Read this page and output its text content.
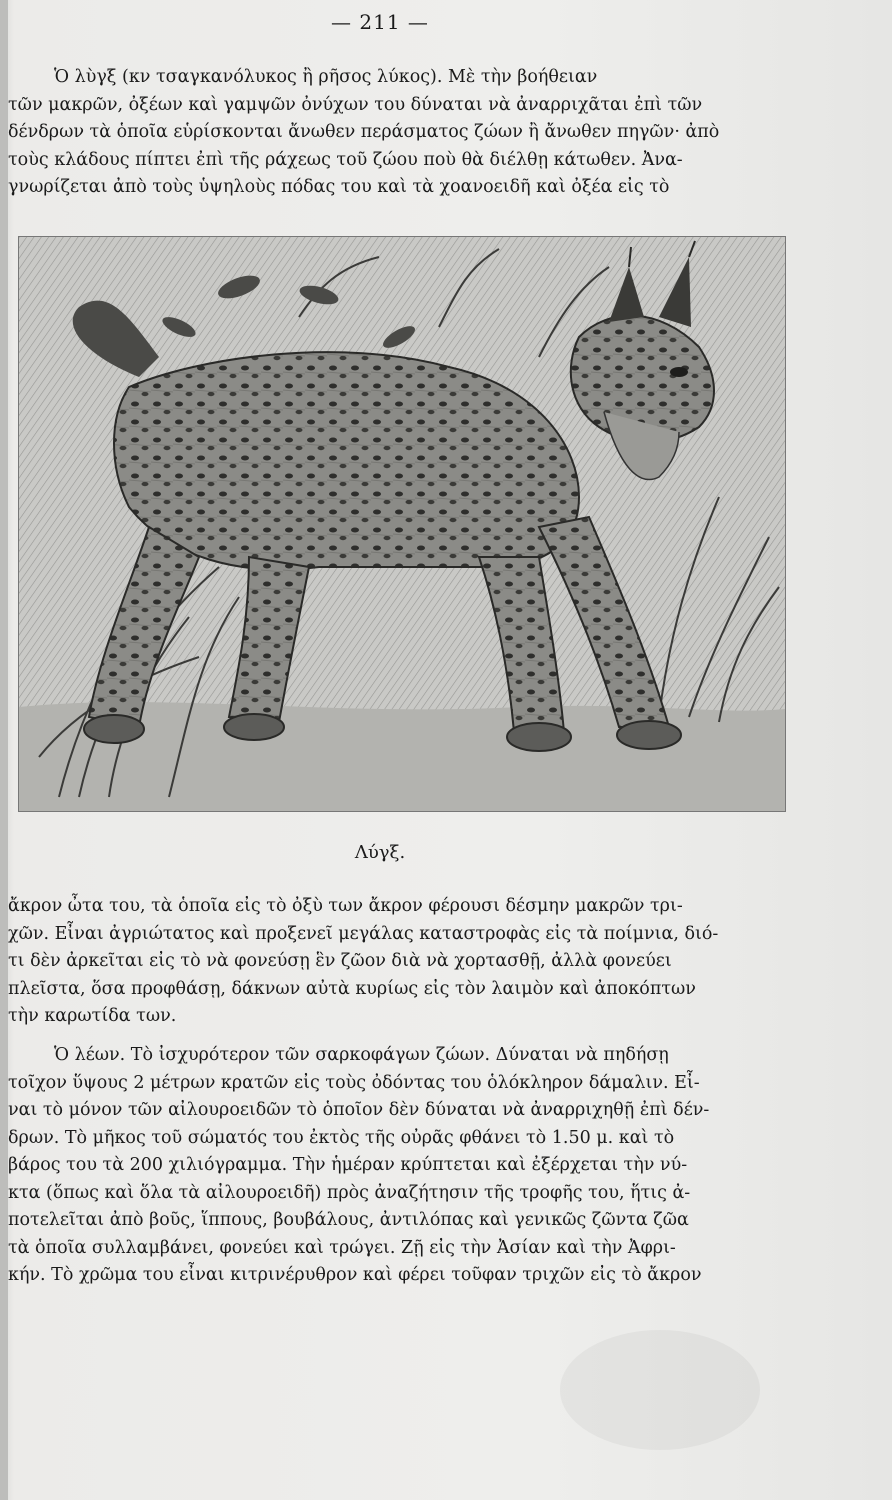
— 211 —

Ὁ λὺγξ (κν τσαγκανόλυκος ἢ ρῆσος λύκος). Μὲ τὴν βοήθειαν

τῶν μακρῶν, ὀξέων καὶ γαμψῶν ὀνύχων του δύναται νὰ ἀναρριχᾶται ἐπὶ τῶν

δένδρων τὰ ὁποῖα εὑρίσκονται ἄνωθεν περάσματος ζώων ἢ ἄνωθεν πηγῶν· ἀπὸ

τοὺς κλάδους πίπτει ἐπὶ τῆς ράχεως τοῦ ζώου ποὺ θὰ διέλθῃ κάτωθεν. Ἀνα-

γνωρίζεται ἀπὸ τοὺς ὑψηλοὺς πόδας του καὶ τὰ χοανοειδῆ καὶ ὀξέα εἰς τὸ

Λύγξ.

ἄκρον ὦτα του, τὰ ὁποῖα εἰς τὸ ὀξὺ των ἄκρον φέρουσι δέσμην μακρῶν τρι-

χῶν. Εἶναι ἀγριώτατος καὶ προξενεῖ μεγάλας καταστροφὰς εἰς τὰ ποίμνια, διό-

τι δὲν ἀρκεῖται εἰς τὸ νὰ φονεύσῃ ἓν ζῶον διὰ νὰ χορτασθῇ, ἀλλὰ φονεύει

πλεῖστα, ὅσα προφθάσῃ, δάκνων αὐτὰ κυρίως εἰς τὸν λαιμὸν καὶ ἀποκόπτων

τὴν καρωτίδα των.

Ὁ λέων. Τὸ ἰσχυρότερον τῶν σαρκοφάγων ζώων. Δύναται νὰ πηδήσῃ

τοῖχον ὕψους 2 μέτρων κρατῶν εἰς τοὺς ὀδόντας του ὁλόκληρον δάμαλιν. Εἶ-

ναι τὸ μόνον τῶν αἰλουροειδῶν τὸ ὁποῖον δὲν δύναται νὰ ἀναρριχηθῇ ἐπὶ δέν-

δρων. Τὸ μῆκος τοῦ σώματός του ἐκτὸς τῆς οὐρᾶς φθάνει τὸ 1.50 μ. καὶ τὸ

βάρος του τὰ 200 χιλιόγραμμα. Τὴν ἡμέραν κρύπτεται καὶ ἐξέρχεται τὴν νύ-

κτα (ὅπως καὶ ὅλα τὰ αἰλουροειδῆ) πρὸς ἀναζήτησιν τῆς τροφῆς του, ἥτις ἀ-

ποτελεῖται ἀπὸ βοῦς, ἵππους, βουβάλους, ἀντιλόπας καὶ γενικῶς ζῶντα ζῶα

τὰ ὁποῖα συλλαμβάνει, φονεύει καὶ τρώγει. Ζῇ εἰς τὴν Ἀσίαν καὶ τὴν Ἀφρι-

κήν. Τὸ χρῶμα του εἶναι κιτρινέρυθρον καὶ φέρει τοῦφαν τριχῶν εἰς τὸ ἄκρον
